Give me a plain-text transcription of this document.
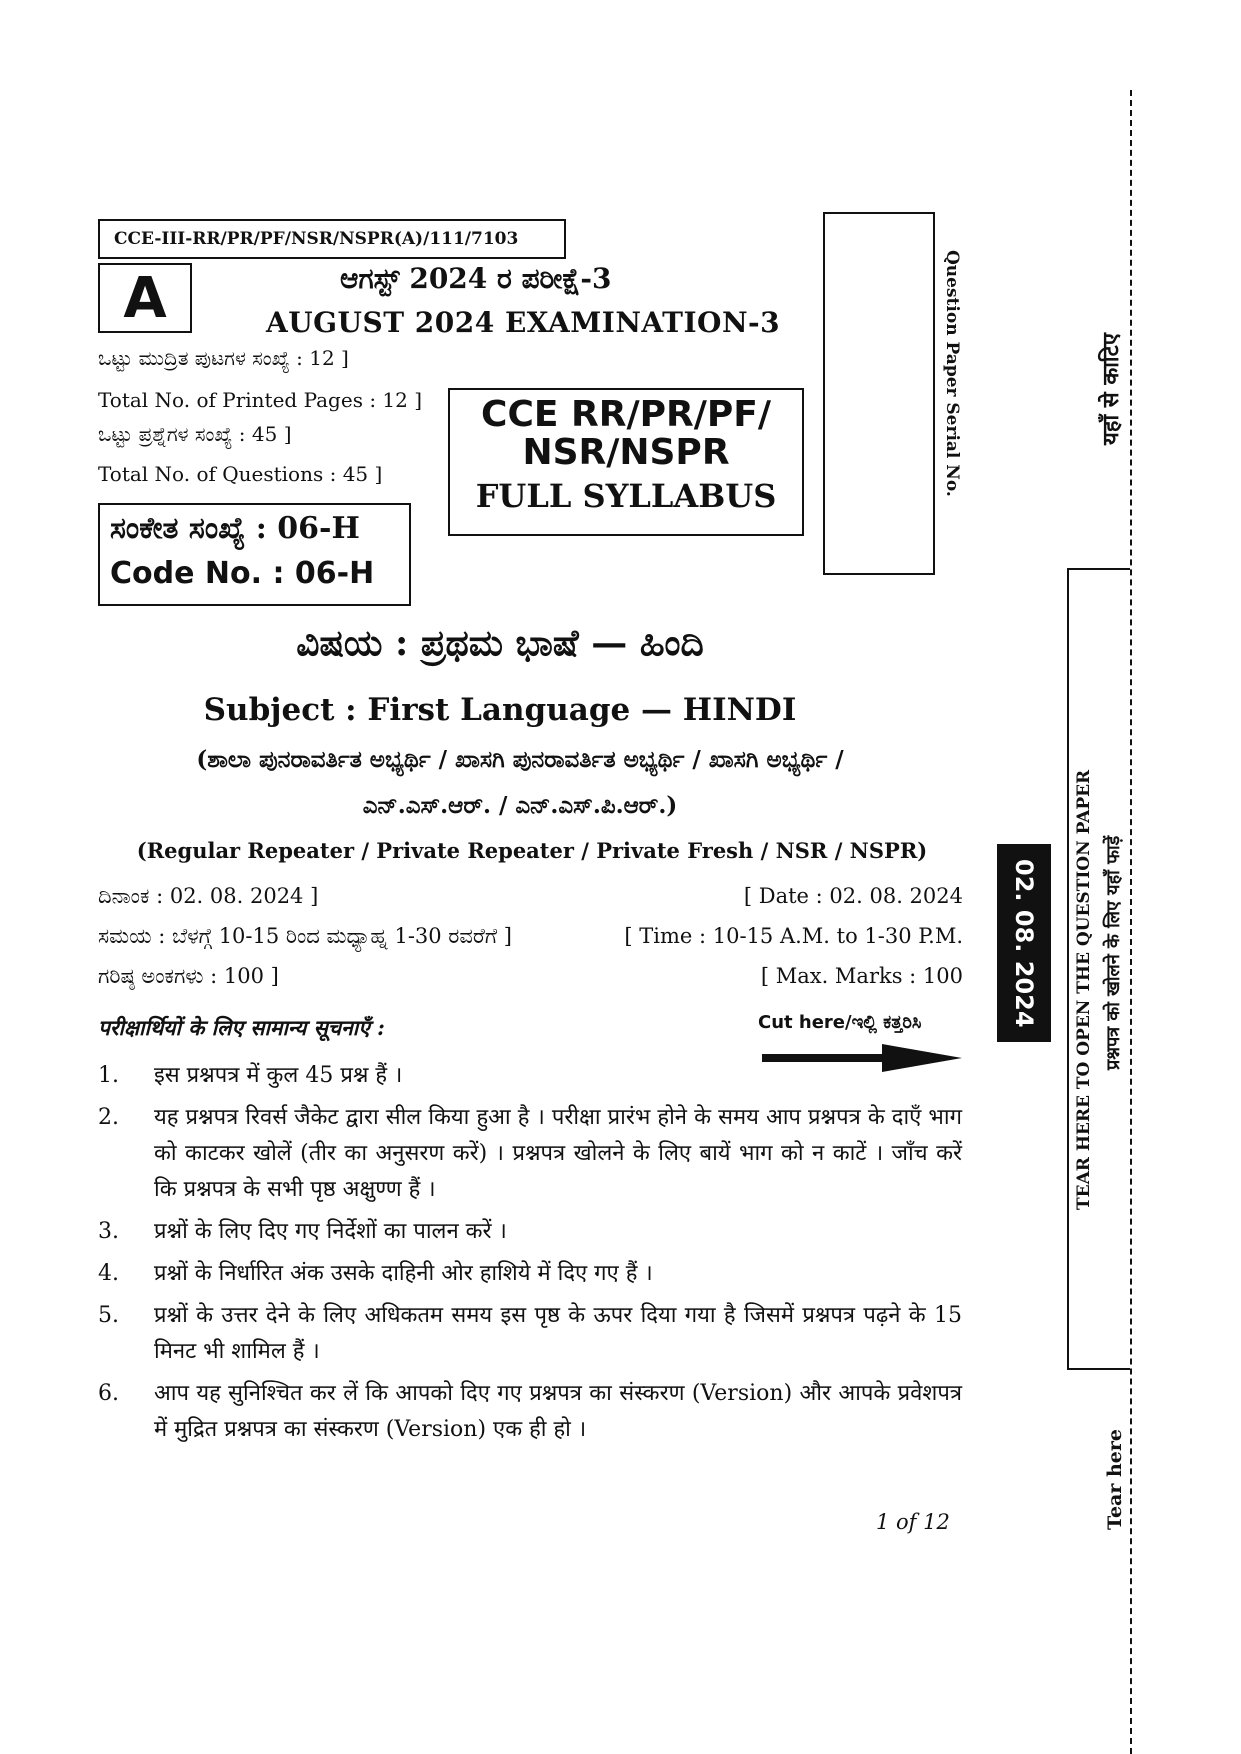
CCE-III-RR/PR/PF/NSR/NSPR(A)/111/7103
A	ಆಗಸ್ಟ್ 2024 ರ ಪರೀಕ್ಷೆ-3
AUGUST 2024 EXAMINATION-3
ಒಟ್ಟು ಮುದ್ರಿತ ಪುಟಗಳ ಸಂಖ್ಯೆ : 12 ]
Total No. of Printed Pages : 12 ]
ಒಟ್ಟು ಪ್ರಶ್ನೆಗಳ ಸಂಖ್ಯೆ : 45 ]
Total No. of Questions : 45 ]
CCE RR/PR/PF/
NSR/NSPR
FULL SYLLABUS
ಸಂಕೇತ ಸಂಖ್ಯೆ : 06-H
Code No. : 06-H
Question Paper Serial No.
ವಿಷಯ : ಪ್ರಥಮ ಭಾಷೆ — ಹಿಂದಿ
Subject : First Language — HINDI
(ಶಾಲಾ ಪುನರಾವರ್ತಿತ ಅಭ್ಯರ್ಥಿ / ಖಾಸಗಿ ಪುನರಾವರ್ತಿತ ಅಭ್ಯರ್ಥಿ / ಖಾಸಗಿ ಅಭ್ಯರ್ಥಿ /
ಎನ್.ಎಸ್.ಆರ್. / ಎನ್.ಎಸ್.ಪಿ.ಆರ್.)
(Regular Repeater / Private Repeater / Private Fresh / NSR / NSPR)
ದಿನಾಂಕ : 02. 08. 2024 ]	[ Date : 02. 08. 2024
ಸಮಯ : ಬೆಳಗ್ಗೆ 10-15 ರಿಂದ ಮಧ್ಯಾಹ್ನ 1-30 ರವರೆಗೆ ]	[ Time : 10-15 A.M. to 1-30 P.M.
ಗರಿಷ್ಠ ಅಂಕಗಳು : 100 ]	[ Max. Marks : 100
परीक्षार्थियों के लिए सामान्य सूचनाएँ :	Cut here/ಇಲ್ಲಿ ಕತ್ತರಿಸಿ
1.	इस प्रश्नपत्र में कुल 45 प्रश्न हैं ।
2.	यह प्रश्नपत्र रिवर्स जैकेट द्वारा सील किया हुआ है । परीक्षा प्रारंभ होने के समय आप प्रश्नपत्र के दाएँ भाग को काटकर खोलें (तीर का अनुसरण करें) । प्रश्नपत्र खोलने के लिए बायें भाग को न काटें । जाँच करें कि प्रश्नपत्र के सभी पृष्ठ अक्षुण्ण हैं ।
3.	प्रश्नों के लिए दिए गए निर्देशों का पालन करें ।
4.	प्रश्नों के निर्धारित अंक उसके दाहिनी ओर हाशिये में दिए गए हैं ।
5.	प्रश्नों के उत्तर देने के लिए अधिकतम समय इस पृष्ठ के ऊपर दिया गया है जिसमें प्रश्नपत्र पढ़ने के 15 मिनट भी शामिल हैं ।
6.	आप यह सुनिश्चित कर लें कि आपको दिए गए प्रश्नपत्र का संस्करण (Version) और आपके प्रवेशपत्र में मुद्रित प्रश्नपत्र का संस्करण (Version) एक ही हो ।
1 of 12
02. 08. 2024 TEAR HERE TO OPEN THE QUESTION PAPER प्रश्नपत्र को खोलने के लिए यहाँ फाड़ें
यहाँ से काटिए
Tear here
